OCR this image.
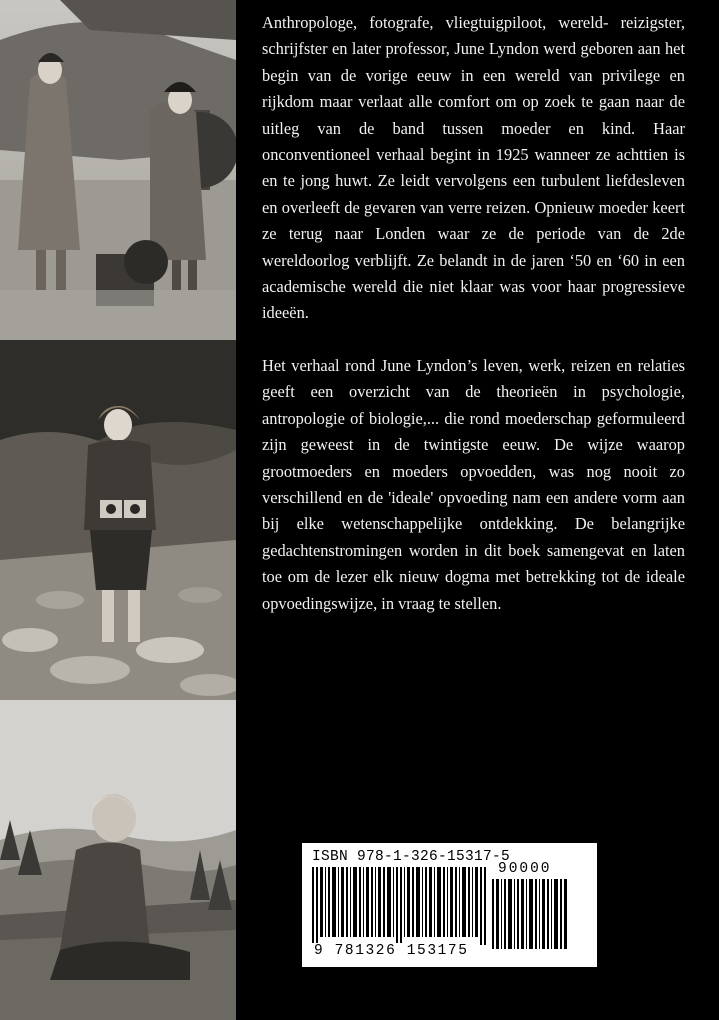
Anthropologe, fotografe, vliegtuigpiloot, wereld- reizigster, schrijfster en later professor, June Lyndon werd geboren aan het begin van de vorige eeuw in een wereld van privilege en rijkdom maar verlaat alle comfort om op zoek te gaan naar de uitleg van de band tussen moeder en kind. Haar onconventioneel verhaal begint in 1925 wanneer ze achttien is en te jong huwt. Ze leidt vervolgens een turbulent liefdesleven en overleeft de gevaren van verre reizen. Opnieuw moeder keert ze terug naar Londen waar ze de periode van de 2de wereldoorlog verblijft. Ze belandt in de jaren ‘50 en ‘60 in een academische wereld die niet klaar was voor haar progressieve ideeën.

Het verhaal rond June Lyndon’s leven, werk, reizen en relaties geeft een overzicht van de theorieën in psychologie, antropologie of biologie,... die rond moederschap geformuleerd zijn geweest in de twintigste eeuw. De wijze waarop grootmoeders en moeders opvoedden, was nog nooit zo verschillend en de 'ideale' opvoeding nam een andere vorm aan bij elke wetenschappelijke ontdekking. De belangrijke gedachtenstromingen worden in dit boek samengevat en laten toe om de lezer elk nieuw dogma met betrekking tot de ideale opvoedingswijze, in vraag te stellen.

ISBN 978-1-326-15317-5
90000
9 781326 153175
